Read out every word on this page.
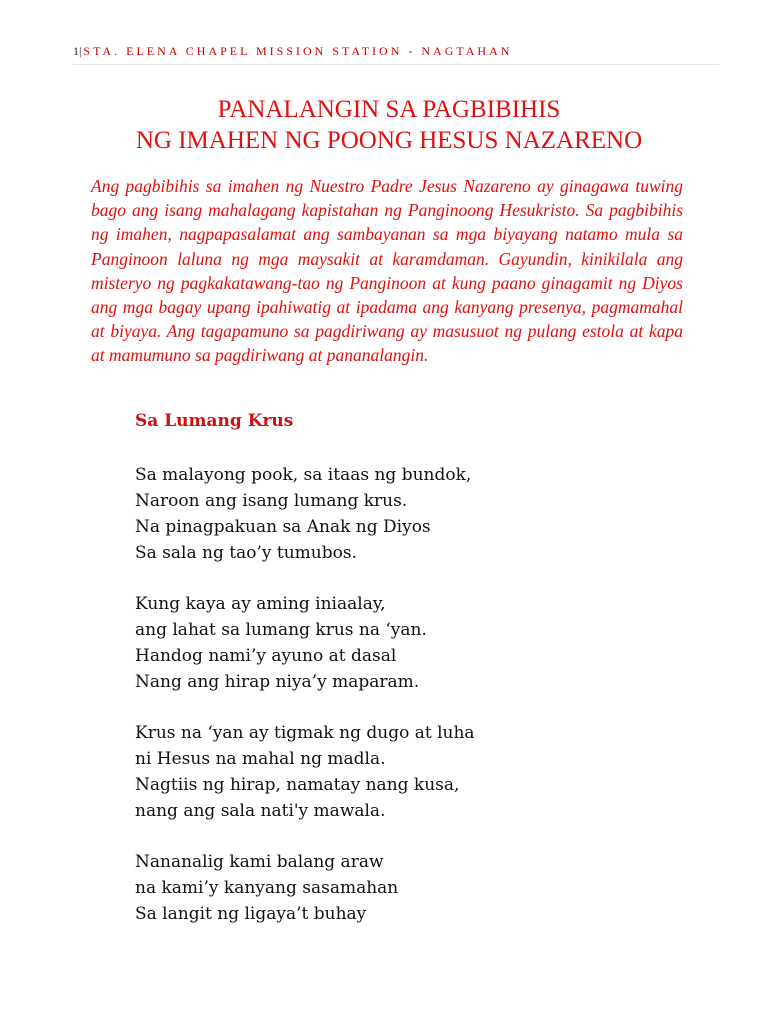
1| STA. ELENA CHAPEL MISSION STATION - NAGTAHAN
PANALANGIN SA PAGBIBIHIS
NG IMAHEN NG POONG HESUS NAZARENO

Ang pagbibihis sa imahen ng Nuestro Padre Jesus Nazareno ay ginagawa tuwing bago ang isang mahalagang kapistahan ng Panginoong Hesukristo. Sa pagbibihis ng imahen, nagpapasalamat ang sambayanan sa mga biyayang natamo mula sa Panginoon laluna ng mga maysakit at karamdaman. Gayundin, kinikilala ang misteryo ng pagkakatawang-tao ng Panginoon at kung paano ginagamit ng Diyos ang mga bagay upang ipahiwatig at ipadama ang kanyang presenya, pagmamahal at biyaya. Ang tagapamuno sa pagdiriwang ay masusuot ng pulang estola at kapa at mamumuno sa pagdiriwang at pananalangin.

Sa Lumang Krus
Sa malayong pook, sa itaas ng bundok,
Naroon ang isang lumang krus.
Na pinagpakuan sa Anak ng Diyos
Sa sala ng tao’y tumubos.
Kung kaya ay aming iniaalay,
ang lahat sa lumang krus na ‘yan.
Handog nami’y ayuno at dasal
Nang ang hirap niya’y maparam.
Krus na ‘yan ay tigmak ng dugo at luha
ni Hesus na mahal ng madla.
Nagtiis ng hirap, namatay nang kusa,
nang ang sala nati'y mawala.
Nananalig kami balang araw
na kami’y kanyang sasamahan
Sa langit ng ligaya’t buhay
